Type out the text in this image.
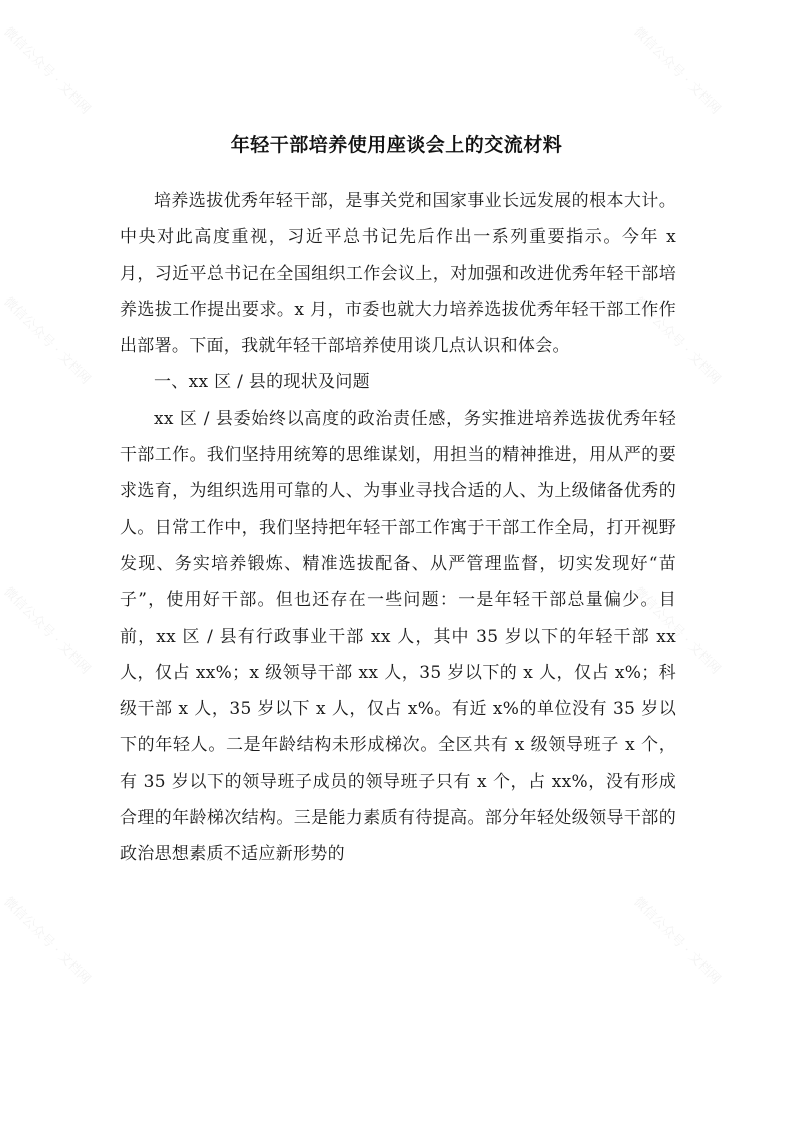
微信公众号 · 文档网	微信公众号 · 文档网
微信公众号 · 文档网	微信公众号 · 文档网
微信公众号 · 文档网	微信公众号 · 文档网
微信公众号 · 文档网	微信公众号 · 文档网
年轻干部培养使用座谈会上的交流材料

培养选拔优秀年轻干部，是事关党和国家事业长远发展的根本大计。中央对此高度重视，习近平总书记先后作出一系列重要指示。今年 x 月，习近平总书记在全国组织工作会议上，对加强和改进优秀年轻干部培养选拔工作提出要求。x 月，市委也就大力培养选拔优秀年轻干部工作作出部署。下面，我就年轻干部培养使用谈几点认识和体会。

一、xx 区 / 县的现状及问题

xx 区 / 县委始终以高度的政治责任感，务实推进培养选拔优秀年轻干部工作。我们坚持用统筹的思维谋划，用担当的精神推进，用从严的要求选育，为组织选用可靠的人、为事业寻找合适的人、为上级储备优秀的人。日常工作中，我们坚持把年轻干部工作寓于干部工作全局，打开视野发现、务实培养锻炼、精准选拔配备、从严管理监督，切实发现好“苗子”，使用好干部。但也还存在一些问题：一是年轻干部总量偏少。目前，xx 区 / 县有行政事业干部 xx 人，其中 35 岁以下的年轻干部 xx 人，仅占 xx%；x 级领导干部 xx 人，35 岁以下的 x 人，仅占 x%；科级干部 x 人，35 岁以下 x 人，仅占 x%。有近 x%的单位没有 35 岁以下的年轻人。二是年龄结构未形成梯次。全区共有 x 级领导班子 x 个，有 35 岁以下的领导班子成员的领导班子只有 x 个，占 xx%，没有形成合理的年龄梯次结构。三是能力素质有待提高。部分年轻处级领导干部的政治思想素质不适应新形势的
